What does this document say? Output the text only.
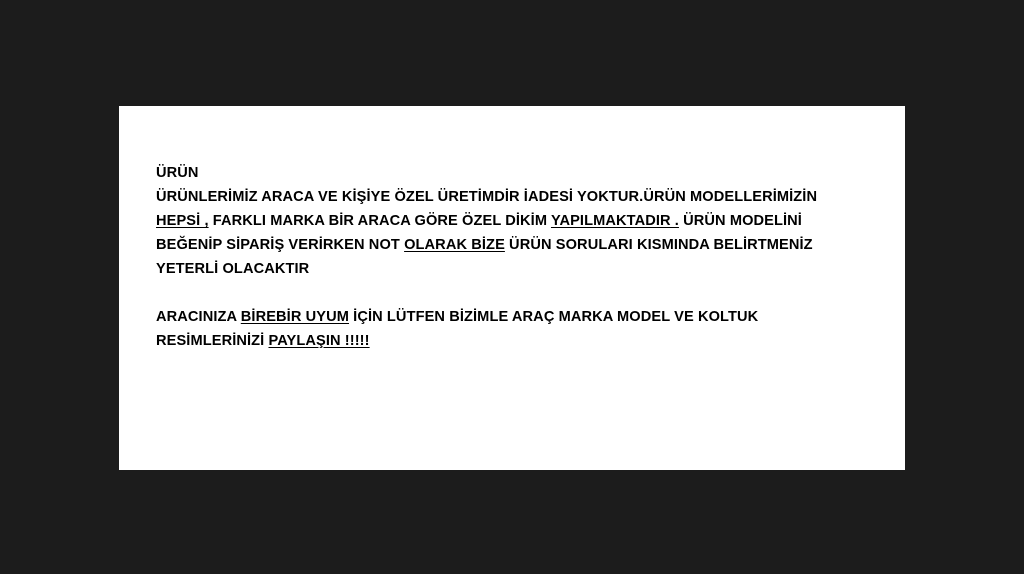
ÜRÜN
ÜRÜNLERİMİZ ARACA VE KİŞİYE ÖZEL ÜRETİMDİR İADESİ YOKTUR.ÜRÜN MODELLERİMİZİN
HEPSİ , FARKLI MARKA BİR ARACA GÖRE ÖZEL DİKİM YAPILMAKTADIR . ÜRÜN MODELİNİ
BEĞENİP SİPARİŞ VERİRKEN NOT OLARAK BİZE ÜRÜN SORULARI KISMINDA BELİRTMENİZ
YETERLİ OLACAKTIR

ARACINIZA BİREBİR UYUM İÇİN LÜTFEN BİZİMLE ARAÇ MARKA MODEL VE KOLTUK
RESİMLERİNİZİ PAYLAŞIN !!!!!
